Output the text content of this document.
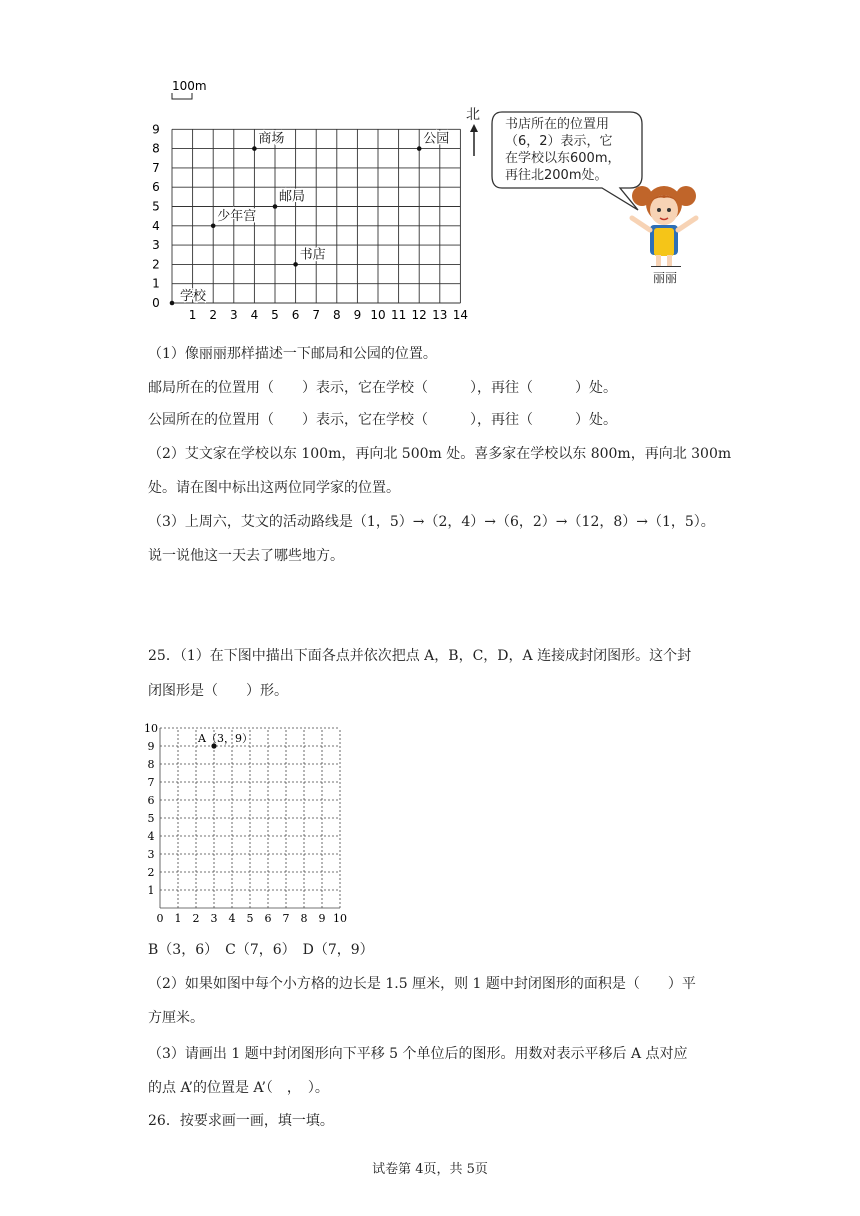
100m
1 2 3 4 5 6 7 8 9 10 11 12 13 14
0
1
2
3
4
5
6
7
8
9
学校
书店
少年宫
邮局
商场	公园
北
书店所在的位置用
（6，2）表示，它
在学校以东600m，
再往北200m处。
丽丽
（1）像丽丽那样描述一下邮局和公园的位置。
邮局所在的位置用（　　）表示，它在学校（　　　），再往（　　　）处。
公园所在的位置用（　　）表示，它在学校（　　　），再往（　　　）处。
（2）艾文家在学校以东 100m，再向北 500m 处。喜多家在学校以东 800m，再向北 300m
处。请在图中标出这两位同学家的位置。
（3）上周六，艾文的活动路线是（1，5）→（2，4）→（6，2）→（12，8）→（1，5）。
说一说他这一天去了哪些地方。
25．（1）在下图中描出下面各点并依次把点 A，B，C，D，A 连接成封闭图形。这个封
闭图形是（　　）形。
0 1 2 3 4 5 6 7 8 9 10
1
2
3
4
5
6
7
8
9
10
A（3，9）
B（3，6）　C（7，6）　D（7，9）
（2）如果如图中每个小方格的边长是 1.5 厘米，则 1 题中封闭图形的面积是（　　）平
方厘米。
（3）请画出 1 题中封闭图形向下平移 5 个单位后的图形。用数对表示平移后 A 点对应
的点 A’的位置是 A’（　，　）。
26．按要求画一画，填一填。
试卷第 4页，共 5页
